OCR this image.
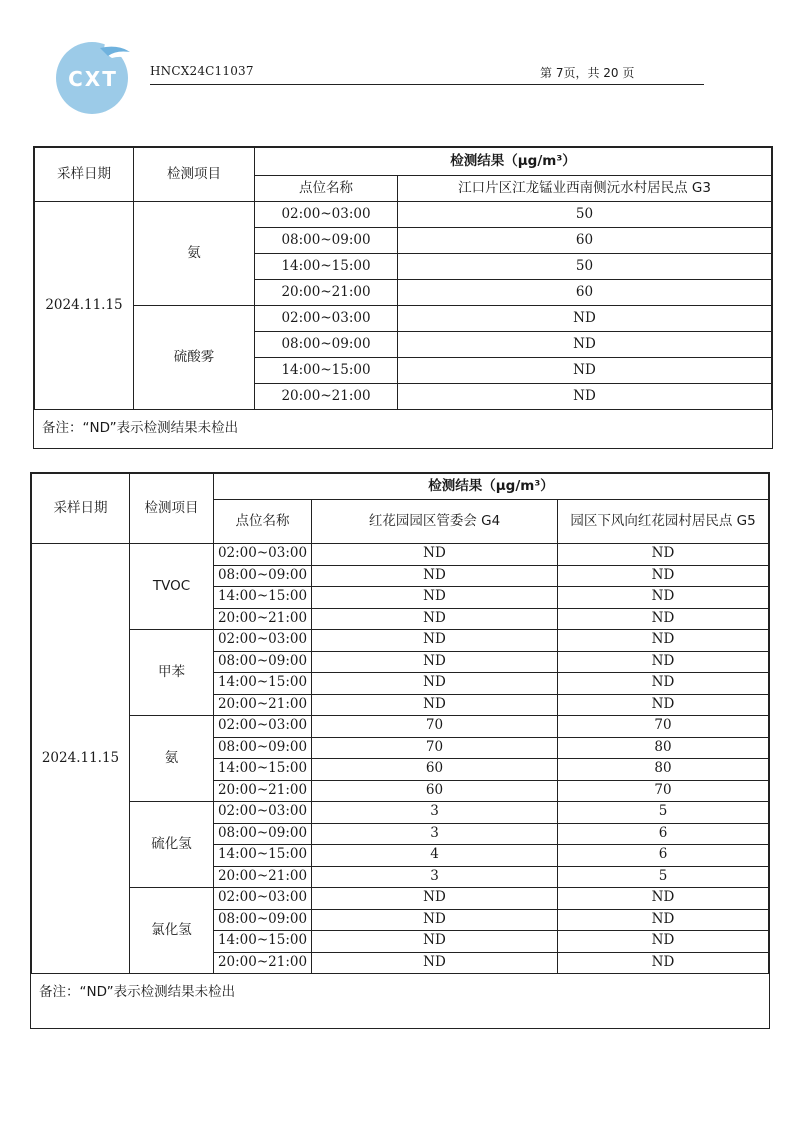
CXT	HNCX24C11037	第 7页，共 20 页
采样日期	检测项目	检测结果（μg/m³）	
		点位名称	江口片区江龙锰业西南侧沅水村居民点 G3
2024.11.15	氨	02:00~03:00	50
		08:00~09:00	60
		14:00~15:00	50
		20:00~21:00	60
	硫酸雾	02:00~03:00	ND
		08:00~09:00	ND
		14:00~15:00	ND
		20:00~21:00	ND
备注：“ND”表示检测结果未检出
采样日期	检测项目	检测结果（μg/m³）		
		点位名称	红花园园区管委会 G4	园区下风向红花园村居民点 G5
2024.11.15	TVOC	02:00~03:00	ND	ND
		08:00~09:00	ND	ND
		14:00~15:00	ND	ND
		20:00~21:00	ND	ND
	甲苯	02:00~03:00	ND	ND
		08:00~09:00	ND	ND
		14:00~15:00	ND	ND
		20:00~21:00	ND	ND
	氨	02:00~03:00	70	70
		08:00~09:00	70	80
		14:00~15:00	60	80
		20:00~21:00	60	70
	硫化氢	02:00~03:00	3	5
		08:00~09:00	3	6
		14:00~15:00	4	6
		20:00~21:00	3	5
	氯化氢	02:00~03:00	ND	ND
		08:00~09:00	ND	ND
		14:00~15:00	ND	ND
		20:00~21:00	ND	ND
备注：“ND”表示检测结果未检出
